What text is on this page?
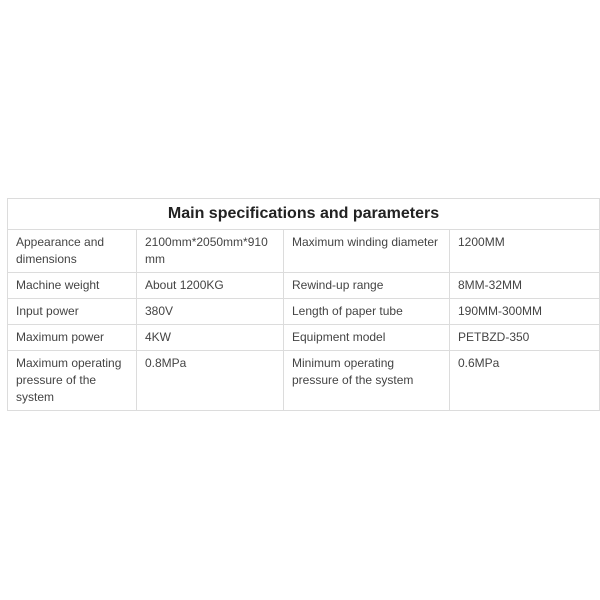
Main specifications and parameters			
Appearance and dimensions	2100mm*2050mm*910mm	Maximum winding diameter	1200MM
Machine weight	About 1200KG	Rewind-up range	8MM-32MM
Input power	380V	Length of paper tube	190MM-300MM
Maximum power	4KW	Equipment model	PETBZD-350
Maximum operating pressure of the system	0.8MPa	Minimum operating pressure of the system	0.6MPa
